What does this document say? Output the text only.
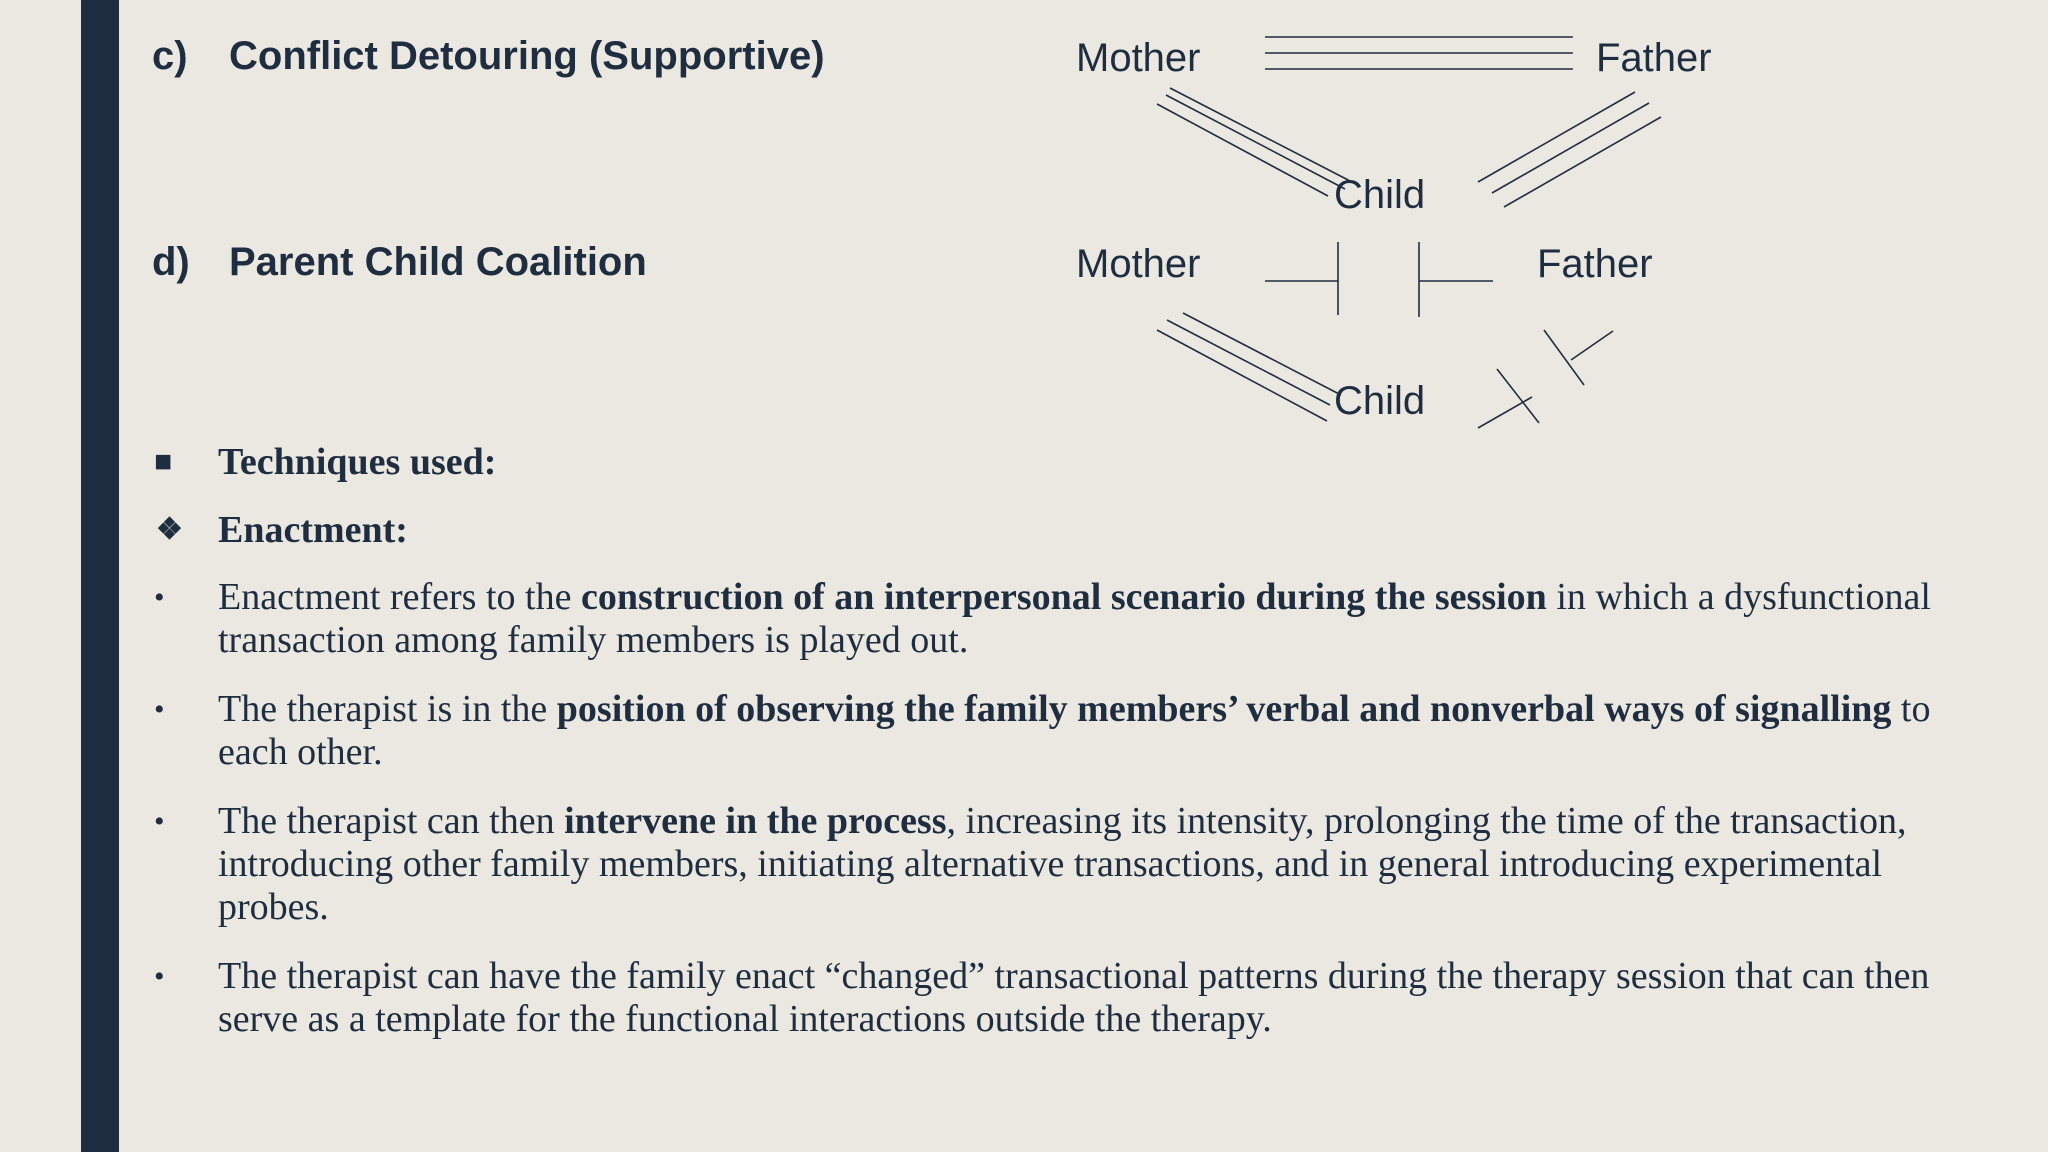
c) Conflict Detouring (Supportive)
d) Parent Child Coalition
Mother	Father
Child
Mother	Father
Child
■ Techniques used:
❖ Enactment:
• Enactment refers to the construction of an interpersonal scenario during the session in which a dysfunctional transaction among family members is played out.
• The therapist is in the position of observing the family members’ verbal and nonverbal ways of signalling to each other.
• The therapist can then intervene in the process, increasing its intensity, prolonging the time of the transaction, introducing other family members, initiating alternative transactions, and in general introducing experimental probes.
• The therapist can have the family enact “changed” transactional patterns during the therapy session that can then serve as a template for the functional interactions outside the therapy.
